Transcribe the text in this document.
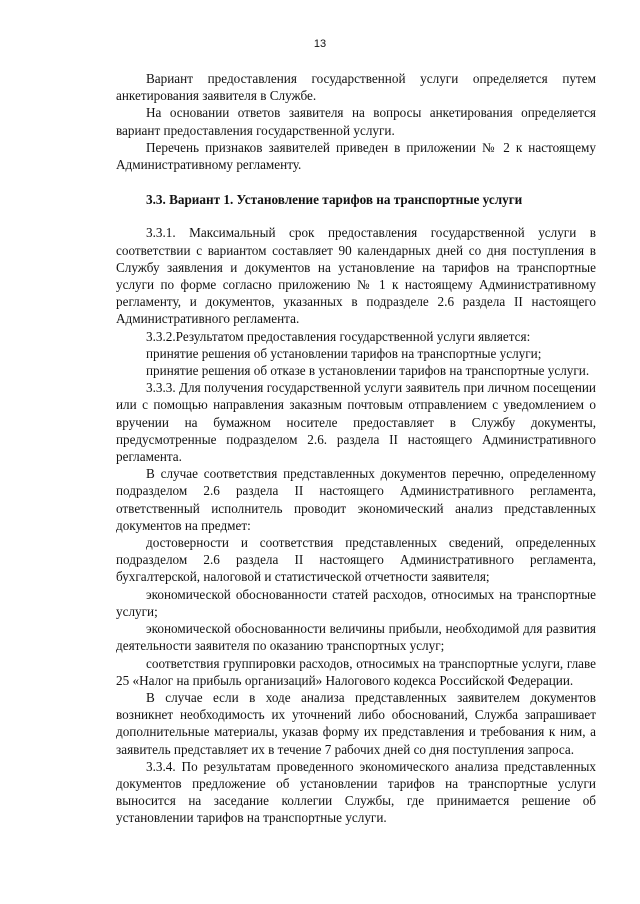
13

Вариант предоставления государственной услуги определяется путем анкетирования заявителя в Службе.

На основании ответов заявителя на вопросы анкетирования определяется вариант предоставления государственной услуги.

Перечень признаков заявителей приведен в приложении № 2 к настоящему Административному регламенту.

3.3. Вариант 1. Установление тарифов на транспортные услуги

3.3.1. Максимальный срок предоставления государственной услуги в соответствии с вариантом составляет 90 календарных дней со дня поступления в Службу заявления и документов на установление на тарифов на транспортные услуги по форме согласно приложению № 1 к настоящему Административному регламенту, и документов, указанных в подразделе 2.6 раздела II настоящего Административного регламента.

3.3.2.Результатом предоставления государственной услуги является:

принятие решения об установлении тарифов на транспортные услуги;

принятие решения об отказе в установлении тарифов на транспортные услуги.

3.3.3. Для получения государственной услуги заявитель при личном посещении или с помощью направления заказным почтовым отправлением с уведомлением о вручении на бумажном носителе предоставляет в Службу документы, предусмотренные подразделом 2.6. раздела II настоящего Административного регламента.

В случае соответствия представленных документов перечню, определенному подразделом 2.6 раздела II настоящего Административного регламента, ответственный исполнитель проводит экономический анализ представленных документов на предмет:

достоверности и соответствия представленных сведений, определенных подразделом 2.6 раздела II настоящего Административного регламента, бухгалтерской, налоговой и статистической отчетности заявителя;

экономической обоснованности статей расходов, относимых на транспортные услуги;

экономической обоснованности величины прибыли, необходимой для развития деятельности заявителя по оказанию транспортных услуг;

соответствия группировки расходов, относимых на транспортные услуги, главе 25 «Налог на прибыль организаций» Налогового кодекса Российской Федерации.

В случае если в ходе анализа представленных заявителем документов возникнет необходимость их уточнений либо обоснований, Служба запрашивает дополнительные материалы, указав форму их представления и требования к ним, а заявитель представляет их в течение 7 рабочих дней со дня поступления запроса.

3.3.4. По результатам проведенного экономического анализа представленных документов предложение об установлении тарифов на транспортные услуги выносится на заседание коллегии Службы, где принимается решение об установлении тарифов на транспортные услуги.
